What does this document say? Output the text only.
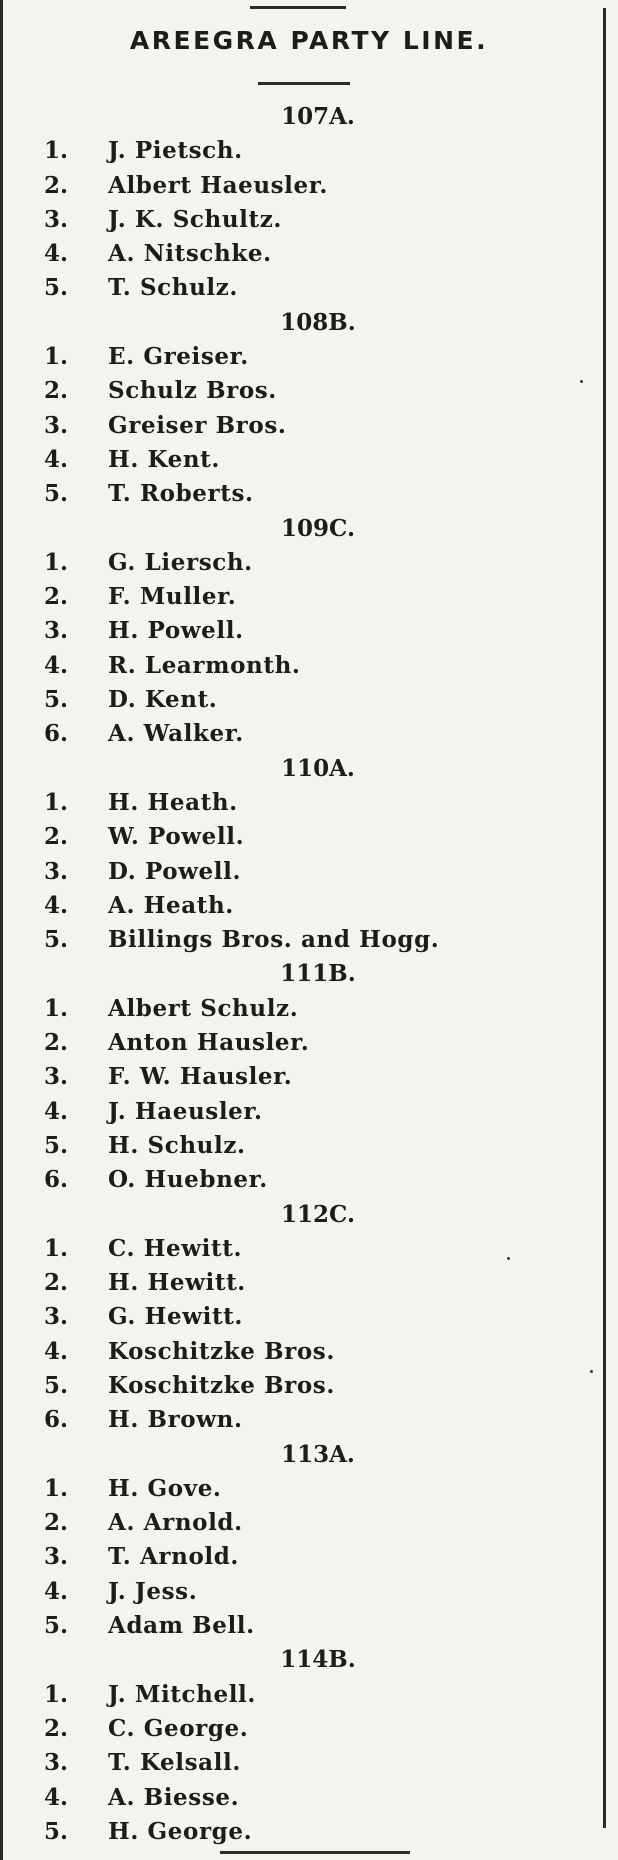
AREEGRA PARTY LINE.
107A.
1. J. Pietsch.
2. Albert Haeusler.
3. J. K. Schultz.
4. A. Nitschke.
5. T. Schulz.
108B.
1. E. Greiser.
2. Schulz Bros.
3. Greiser Bros.
4. H. Kent.
5. T. Roberts.
109C.
1. G. Liersch.
2. F. Muller.
3. H. Powell.
4. R. Learmonth.
5. D. Kent.
6. A. Walker.
110A.
1. H. Heath.
2. W. Powell.
3. D. Powell.
4. A. Heath.
5. Billings Bros. and Hogg.
111B.
1. Albert Schulz.
2. Anton Hausler.
3. F. W. Hausler.
4. J. Haeusler.
5. H. Schulz.
6. O. Huebner.
112C.
1. C. Hewitt.
2. H. Hewitt.
3. G. Hewitt.
4. Koschitzke Bros.
5. Koschitzke Bros.
6. H. Brown.
113A.
1. H. Gove.
2. A. Arnold.
3. T. Arnold.
4. J. Jess.
5. Adam Bell.
114B.
1. J. Mitchell.
2. C. George.
3. T. Kelsall.
4. A. Biesse.
5. H. George.
